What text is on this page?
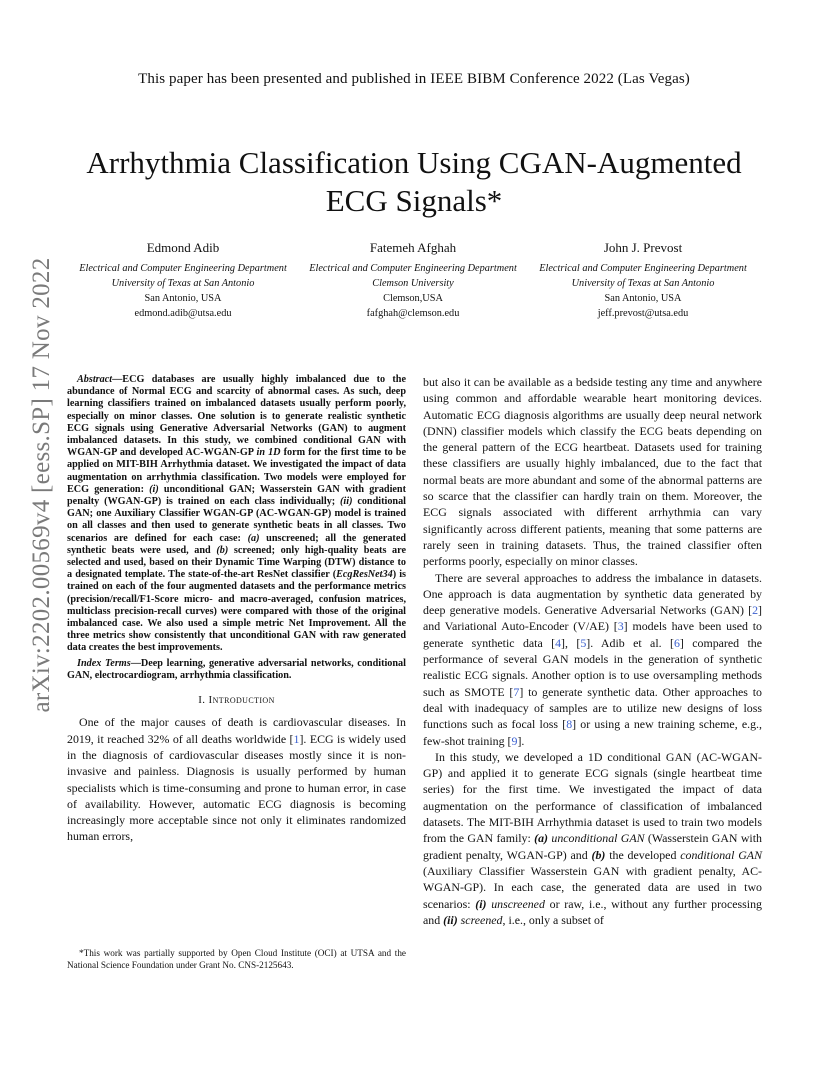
This paper has been presented and published in IEEE BIBM Conference 2022 (Las Vegas)
Arrhythmia Classification Using CGAN-Augmented
ECG Signals*
Edmond Adib
Electrical and Computer Engineering Department
University of Texas at San Antonio
San Antonio, USA
edmond.adib@utsa.edu
Fatemeh Afghah
Electrical and Computer Engineering Department
Clemson University
Clemson,USA
fafghah@clemson.edu
John J. Prevost
Electrical and Computer Engineering Department
University of Texas at San Antonio
San Antonio, USA
jeff.prevost@utsa.edu
arXiv:2202.00569v4 [eess.SP] 17 Nov 2022	Abstract—ECG databases are usually highly imbalanced due to the abundance of Normal ECG and scarcity of abnormal cases. As such, deep learning classifiers trained on imbalanced datasets usually perform poorly, especially on minor classes. One solution is to generate realistic synthetic ECG signals using Generative Adversarial Networks (GAN) to augment imbalanced datasets. In this study, we combined conditional GAN with WGAN-GP and developed AC-WGAN-GP in 1D form for the first time to be applied on MIT-BIH Arrhythmia dataset. We investigated the impact of data augmentation on arrhythmia classification. Two models were employed for ECG generation: (i) unconditional GAN; Wasserstein GAN with gradient penalty (WGAN-GP) is trained on each class individually; (ii) conditional GAN; one Auxiliary Classifier WGAN-GP (AC-WGAN-GP) model is trained on all classes and then used to generate synthetic beats in all classes. Two scenarios are defined for each case: (a) unscreened; all the generated synthetic beats were used, and (b) screened; only high-quality beats are selected and used, based on their Dynamic Time Warping (DTW) distance to a designated template. The state-of-the-art ResNet classifier (EcgResNet34) is trained on each of the four augmented datasets and the performance metrics (precision/recall/F1-Score micro- and macro-averaged, confusion matrices, multiclass precision-recall curves) were compared with those of the original imbalanced case. We also used a simple metric Net Improvement. All the three metrics show consistently that unconditional GAN with raw generated data creates the best improvements.

Index Terms—Deep learning, generative adversarial networks, conditional GAN, electrocardiogram, arrhythmia classification.

I. Introduction

One of the major causes of death is cardiovascular diseases. In 2019, it reached 32% of all deaths worldwide [1]. ECG is widely used in the diagnosis of cardiovascular diseases mostly since it is non-invasive and painless. Diagnosis is usually performed by human specialists which is time-consuming and prone to human error, in case of availability. However, automatic ECG diagnosis is becoming increasingly more acceptable since not only it eliminates randomized human errors,

*This work was partially supported by Open Cloud Institute (OCI) at UTSA and the National Science Foundation under Grant No. CNS-2125643.

but also it can be available as a bedside testing any time and anywhere using common and affordable wearable heart monitoring devices. Automatic ECG diagnosis algorithms are usually deep neural network (DNN) classifier models which classify the ECG beats depending on the general pattern of the ECG heartbeat. Datasets used for training these classifiers are usually highly imbalanced, due to the fact that normal beats are more abundant and some of the abnormal patterns are so scarce that the classifier can hardly train on them. Moreover, the ECG signals associated with different arrhythmia can vary significantly across different patients, meaning that some patterns are rarely seen in training datasets. Thus, the trained classifier often performs poorly, especially on minor classes.

There are several approaches to address the imbalance in datasets. One approach is data augmentation by synthetic data generated by deep generative models. Generative Adversarial Networks (GAN) [2] and Variational Auto-Encoder (V/AE) [3] models have been used to generate synthetic data [4], [5]. Adib et al. [6] compared the performance of several GAN models in the generation of synthetic realistic ECG signals. Another option is to use oversampling methods such as SMOTE [7] to generate synthetic data. Other approaches to deal with inadequacy of samples are to utilize new designs of loss functions such as focal loss [8] or using a new training scheme, e.g., few-shot training [9].

In this study, we developed a 1D conditional GAN (AC-WGAN-GP) and applied it to generate ECG signals (single heartbeat time series) for the first time. We investigated the impact of data augmentation on the performance of classification of imbalanced datasets. The MIT-BIH Arrhythmia dataset is used to train two models from the GAN family: (a) unconditional GAN (Wasserstein GAN with gradient penalty, WGAN-GP) and (b) the developed conditional GAN (Auxiliary Classifier Wasserstein GAN with gradient penalty, AC-WGAN-GP). In each case, the generated data are used in two scenarios: (i) unscreened or raw, i.e., without any further processing and (ii) screened, i.e., only a subset of
